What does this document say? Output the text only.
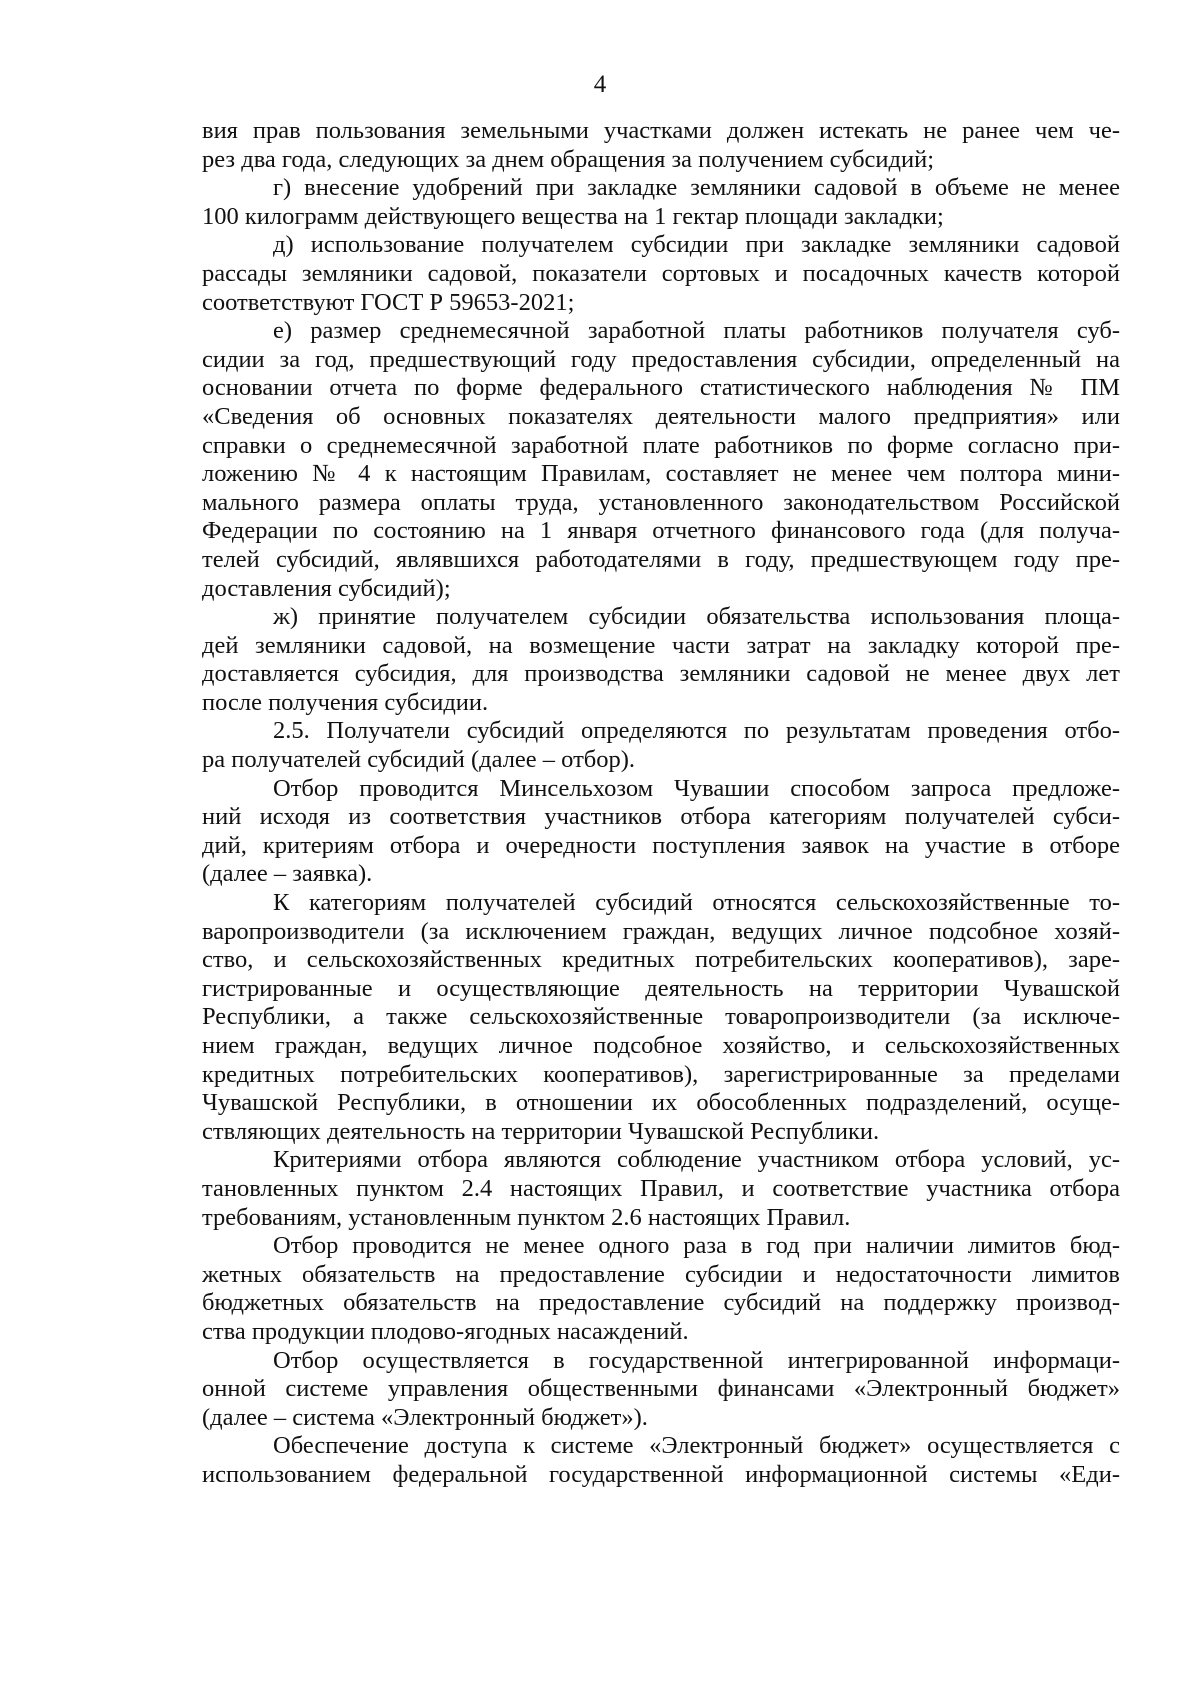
4
вия прав пользования земельными участками должен истекать не ранее чем че-
рез два года, следующих за днем обращения за получением субсидий;
г) внесение удобрений при закладке земляники садовой в объеме не менее
100 килограмм действующего вещества на 1 гектар площади закладки;
д) использование получателем субсидии при закладке земляники садовой
рассады земляники садовой, показатели сортовых и посадочных качеств которой
соответствуют ГОСТ Р 59653-2021;
е) размер среднемесячной заработной платы работников получателя суб-
сидии за год, предшествующий году предоставления субсидии, определенный на
основании отчета по форме федерального статистического наблюдения № ПМ
«Сведения об основных показателях деятельности малого предприятия» или
справки о среднемесячной заработной плате работников по форме согласно при-
ложению № 4 к настоящим Правилам, составляет не менее чем полтора мини-
мального размера оплаты труда, установленного законодательством Российской
Федерации по состоянию на 1 января отчетного финансового года (для получа-
телей субсидий, являвшихся работодателями в году, предшествующем году пре-
доставления субсидий);
ж) принятие получателем субсидии обязательства использования площа-
дей земляники садовой, на возмещение части затрат на закладку которой пре-
доставляется субсидия, для производства земляники садовой не менее двух лет
после получения субсидии.
2.5. Получатели субсидий определяются по результатам проведения отбо-
ра получателей субсидий (далее – отбор).
Отбор проводится Минсельхозом Чувашии способом запроса предложе-
ний исходя из соответствия участников отбора категориям получателей субси-
дий, критериям отбора и очередности поступления заявок на участие в отборе
(далее – заявка).
К категориям получателей субсидий относятся сельскохозяйственные то-
варопроизводители (за исключением граждан, ведущих личное подсобное хозяй-
ство, и сельскохозяйственных кредитных потребительских кооперативов), заре-
гистрированные и осуществляющие деятельность на территории Чувашской
Республики, а также сельскохозяйственные товаропроизводители (за исключе-
нием граждан, ведущих личное подсобное хозяйство, и сельскохозяйственных
кредитных потребительских кооперативов), зарегистрированные за пределами
Чувашской Республики, в отношении их обособленных подразделений, осуще-
ствляющих деятельность на территории Чувашской Республики.
Критериями отбора являются соблюдение участником отбора условий, ус-
тановленных пунктом 2.4 настоящих Правил, и соответствие участника отбора
требованиям, установленным пунктом 2.6 настоящих Правил.
Отбор проводится не менее одного раза в год при наличии лимитов бюд-
жетных обязательств на предоставление субсидии и недостаточности лимитов
бюджетных обязательств на предоставление субсидий на поддержку производ-
ства продукции плодово-ягодных насаждений.
Отбор осуществляется в государственной интегрированной информаци-
онной системе управления общественными финансами «Электронный бюджет»
(далее – система «Электронный бюджет»).
Обеспечение доступа к системе «Электронный бюджет» осуществляется с
использованием федеральной государственной информационной системы «Еди-
